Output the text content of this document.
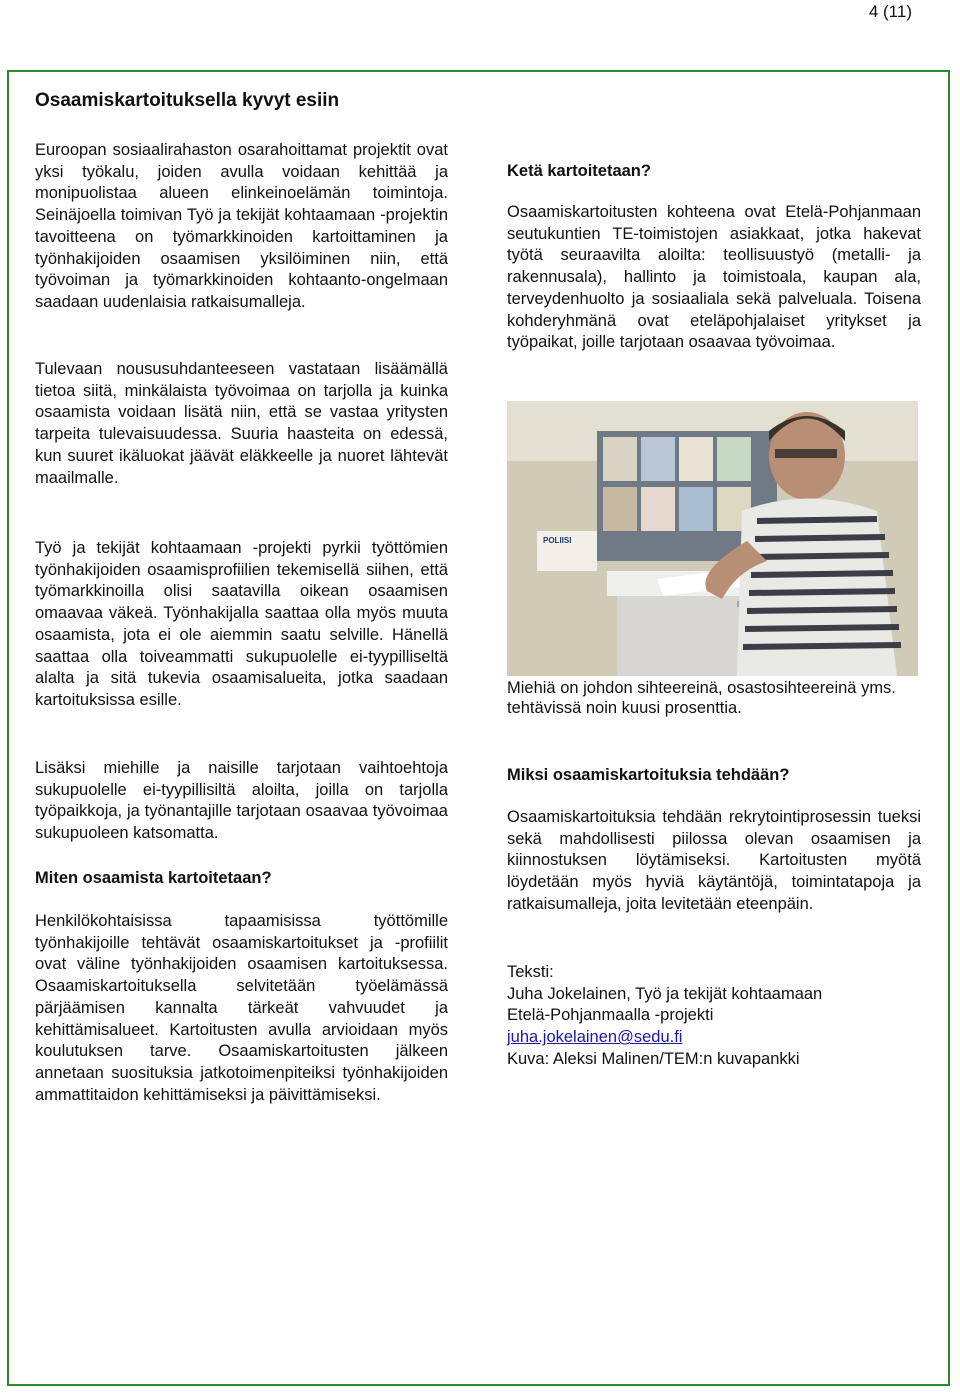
4 (11)
Osaamiskartoituksella kyvyt esiin

Euroopan sosiaalirahaston osarahoittamat projektit ovat yksi työkalu, joiden avulla voidaan kehittää ja monipuolistaa alueen elinkeinoelämän toimintoja. Seinäjoella toimivan Työ ja tekijät kohtaamaan -projektin tavoitteena on työmarkkinoiden kartoittaminen ja työnhakijoiden osaamisen yksilöiminen niin, että työvoiman ja työmarkkinoiden kohtaanto-ongelmaan saadaan uudenlaisia ratkaisumalleja.

Tulevaan noususuhdanteeseen vastataan lisäämällä tietoa siitä, minkälaista työvoimaa on tarjolla ja kuinka osaamista voidaan lisätä niin, että se vastaa yritysten tarpeita tulevaisuudessa. Suuria haasteita on edessä, kun suuret ikäluokat jäävät eläkkeelle ja nuoret lähtevät maailmalle.

Työ ja tekijät kohtaamaan -projekti pyrkii työttömien työnhakijoiden osaamisprofiilien tekemisellä siihen, että työmarkkinoilla olisi saatavilla oikean osaamisen omaavaa väkeä. Työnhakijalla saattaa olla myös muuta osaamista, jota ei ole aiemmin saatu selville. Hänellä saattaa olla toiveammatti sukupuolelle ei-tyypilliseltä alalta ja sitä tukevia osaamisalueita, jotka saadaan kartoituksissa esille.

Lisäksi miehille ja naisille tarjotaan vaihtoehtoja sukupuolelle ei-tyypillisiltä aloilta, joilla on tarjolla työpaikkoja, ja työnantajille tarjotaan osaavaa työvoimaa sukupuoleen katsomatta.

Miten osaamista kartoitetaan?

Henkilökohtaisissa tapaamisissa työttömille työnhakijoille tehtävät osaamiskartoitukset ja -profiilit ovat väline työnhakijoiden osaamisen kartoituksessa. Osaamiskartoituksella selvitetään työelämässä pärjäämisen kannalta tärkeät vahvuudet ja kehittämisalueet. Kartoitusten avulla arvioidaan myös koulutuksen tarve. Osaamiskartoitusten jälkeen annetaan suosituksia jatkotoimenpiteiksi työnhakijoiden ammattitaidon kehittämiseksi ja päivittämiseksi.

Ketä kartoitetaan?

Osaamiskartoitusten kohteena ovat Etelä-Pohjanmaan seutukuntien TE-toimistojen asiakkaat, jotka hakevat työtä seuraavilta aloilta: teollisuustyö (metalli- ja rakennusala), hallinto ja toimistoala, kaupan ala, terveydenhuolto ja sosiaaliala sekä palveluala. Toisena kohderyhmänä ovat eteläpohjalaiset yritykset ja työpaikat, joille tarjotaan osaavaa työvoimaa.

POLIISI

Miehiä on johdon sihteereinä, osastosihteereinä yms. tehtävissä noin kuusi prosenttia.

Miksi osaamiskartoituksia tehdään?

Osaamiskartoituksia tehdään rekrytointiprosessin tueksi sekä mahdollisesti piilossa olevan osaamisen ja kiinnostuksen löytämiseksi. Kartoitusten myötä löydetään myös hyviä käytäntöjä, toimintatapoja ja ratkaisumalleja, joita levitetään eteenpäin.

Teksti:

Juha Jokelainen, Työ ja tekijät kohtaamaan

Etelä-Pohjanmaalla -projekti

juha.jokelainen@sedu.fi

Kuva: Aleksi Malinen/TEM:n kuvapankki
